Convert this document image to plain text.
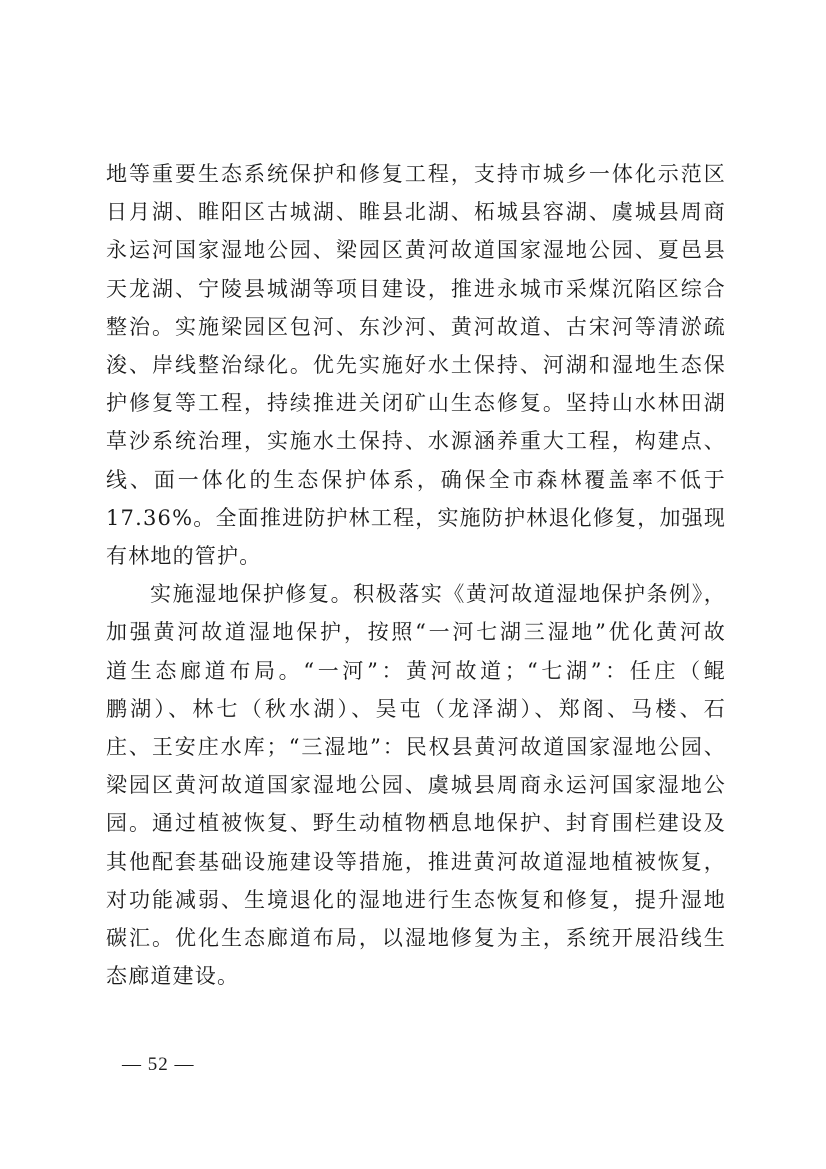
地等重要生态系统保护和修复工程，支持市城乡一体化示范区
日月湖、睢阳区古城湖、睢县北湖、柘城县容湖、虞城县周商
永运河国家湿地公园、梁园区黄河故道国家湿地公园、夏邑县
天龙湖、宁陵县城湖等项目建设，推进永城市采煤沉陷区综合
整治。实施梁园区包河、东沙河、黄河故道、古宋河等清淤疏
浚、岸线整治绿化。优先实施好水土保持、河湖和湿地生态保
护修复等工程，持续推进关闭矿山生态修复。坚持山水林田湖
草沙系统治理，实施水土保持、水源涵养重大工程，构建点、
线、面一体化的生态保护体系，确保全市森林覆盖率不低于
17.36%。全面推进防护林工程，实施防护林退化修复，加强现
有林地的管护。
实施湿地保护修复。积极落实《黄河故道湿地保护条例》，
加强黄河故道湿地保护，按照“一河七湖三湿地”优化黄河故
道生态廊道布局。“一河”：黄河故道；“七湖”：任庄（鲲
鹏湖）、林七（秋水湖）、吴屯（龙泽湖）、郑阁、马楼、石
庄、王安庄水库；“三湿地”：民权县黄河故道国家湿地公园、
梁园区黄河故道国家湿地公园、虞城县周商永运河国家湿地公
园。通过植被恢复、野生动植物栖息地保护、封育围栏建设及
其他配套基础设施建设等措施，推进黄河故道湿地植被恢复，
对功能减弱、生境退化的湿地进行生态恢复和修复，提升湿地
碳汇。优化生态廊道布局，以湿地修复为主，系统开展沿线生
态廊道建设。
— 52 —
